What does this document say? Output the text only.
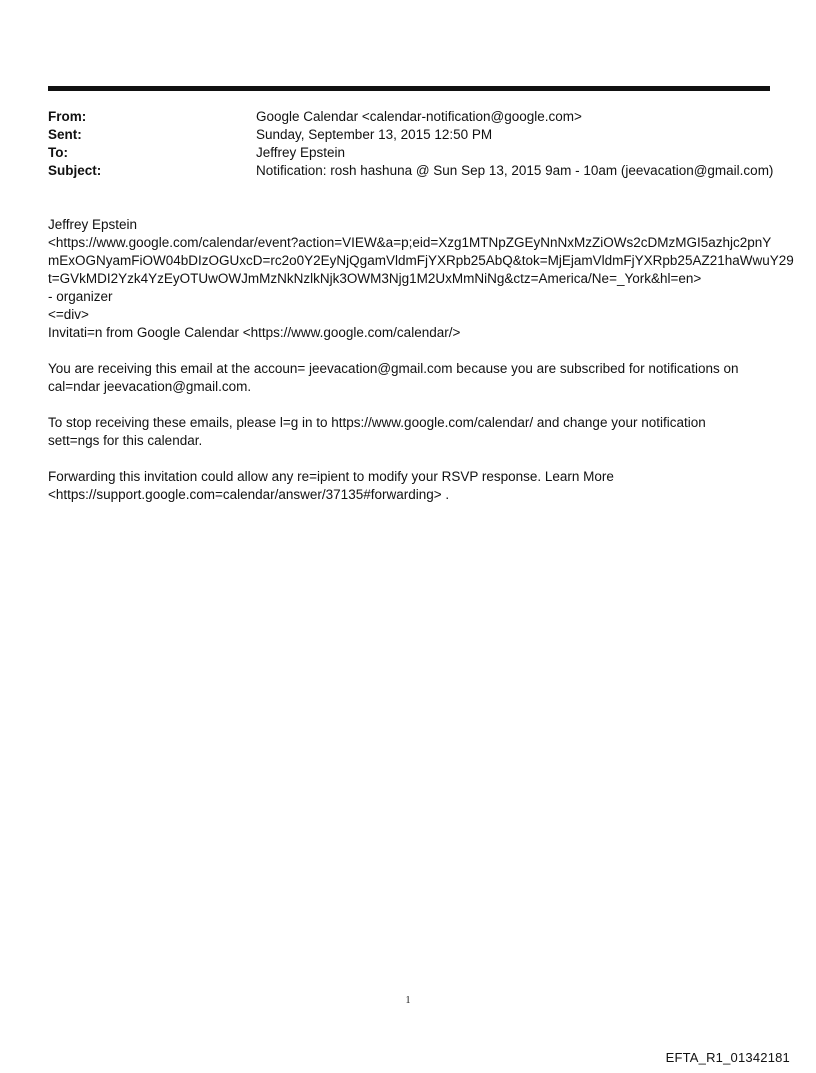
From:	Google Calendar <calendar-notification@google.com>
Sent:	Sunday, September 13, 2015 12:50 PM
To:	Jeffrey Epstein
Subject:	Notification: rosh hashuna @ Sun Sep 13, 2015 9am - 10am (jeevacation@gmail.com)

Jeffrey Epstein

<https://www.google.com/calendar/event?action=VIEW&a=p;eid=Xzg1MTNpZGEyNnNxMzZiOWs2cDMzMGI5azhjc2pnY

mExOGNyamFiOW04bDIzOGUxcD=rc2o0Y2EyNjQgamVldmFjYXRpb25AbQ&tok=MjEjamVldmFjYXRpb25AZ21haWwuY29

t=GVkMDI2Yzk4YzEyOTUwOWJmMzNkNzlkNjk3OWM3Njg1M2UxMmNiNg&ctz=America/Ne=_York&hl=en>

- organizer

<=div>

Invitati=n from Google Calendar <https://www.google.com/calendar/>

You are receiving this email at the accoun= jeevacation@gmail.com because you are subscribed for notifications on

cal=ndar jeevacation@gmail.com.

To stop receiving these emails, please l=g in to https://www.google.com/calendar/ and change your notification

sett=ngs for this calendar.

Forwarding this invitation could allow any re=ipient to modify your RSVP response. Learn More

<https://support.google.com=calendar/answer/37135#forwarding> .

1
EFTA_R1_01342181
